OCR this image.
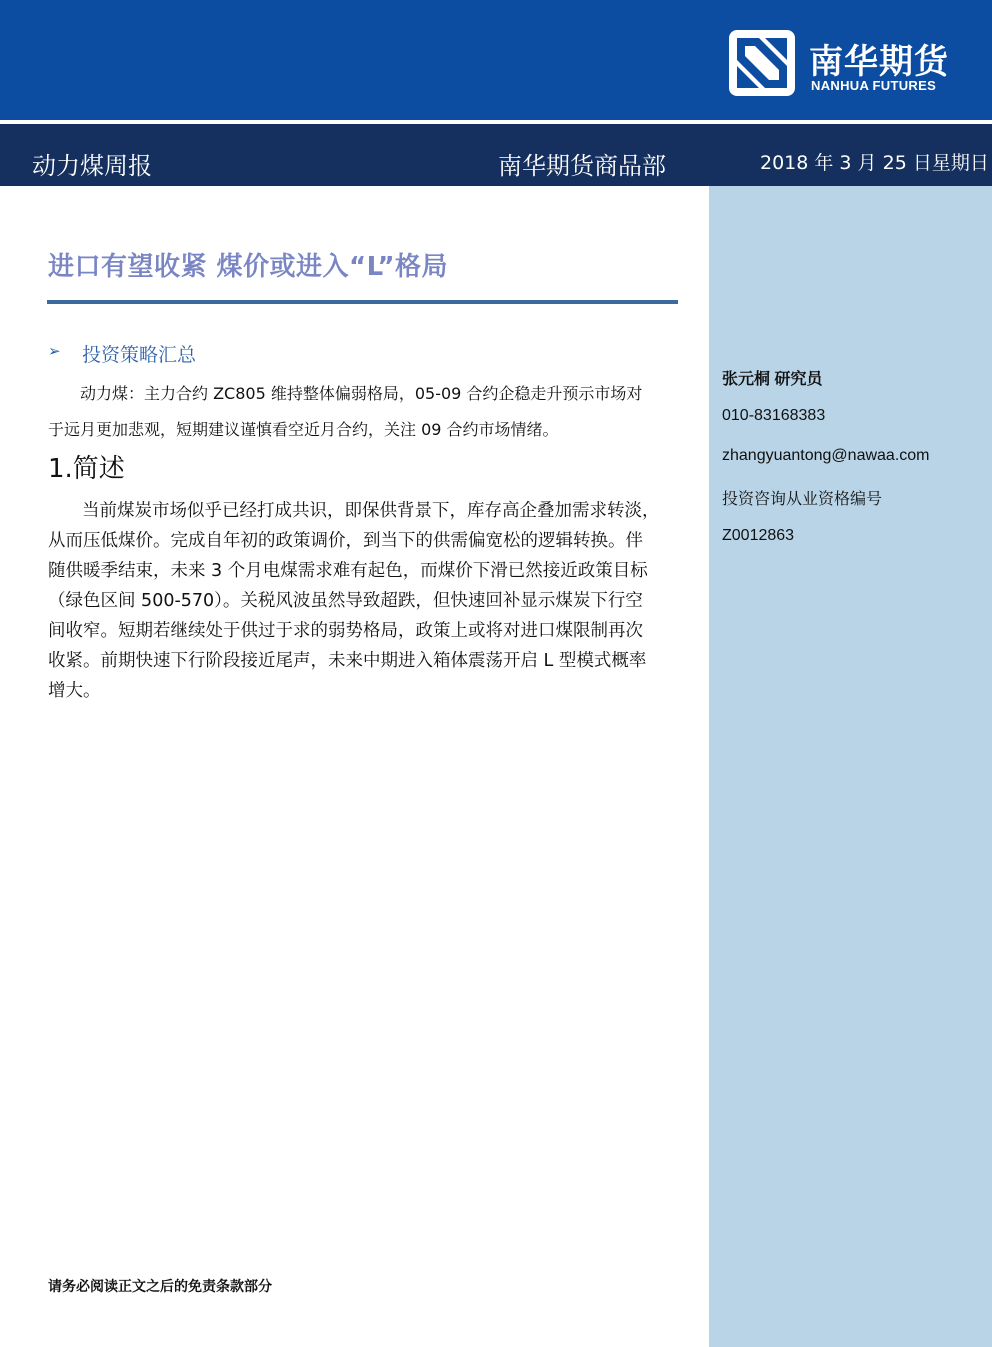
南华期货
NANHUA FUTURES
动力煤周报	南华期货商品部	2018 年 3 月 25 日星期日
张元桐 研究员
010-83168383
zhangyuantong@nawaa.com
投资咨询从业资格编号
Z0012863
进口有望收紧 煤价或进入“L”格局
➢ 投资策略汇总
动力煤：主力合约 ZC805 维持整体偏弱格局，05-09 合约企稳走升预示市场对
于远月更加悲观，短期建议谨慎看空近月合约，关注 09 合约市场情绪。
1.简述
当前煤炭市场似乎已经打成共识，即保供背景下，库存高企叠加需求转淡，
从而压低煤价。完成自年初的政策调价，到当下的供需偏宽松的逻辑转换。伴
随供暖季结束，未来 3 个月电煤需求难有起色，而煤价下滑已然接近政策目标
（绿色区间 500-570）。关税风波虽然导致超跌，但快速回补显示煤炭下行空
间收窄。短期若继续处于供过于求的弱势格局，政策上或将对进口煤限制再次
收紧。前期快速下行阶段接近尾声，未来中期进入箱体震荡开启 L 型模式概率
增大。
请务必阅读正文之后的免责条款部分
